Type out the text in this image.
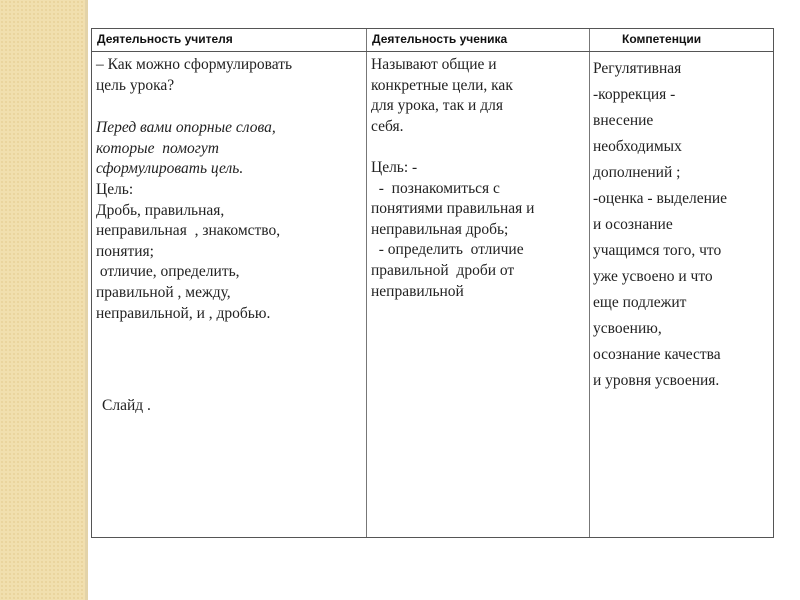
Деятельность учителя	Деятельность ученика	Компетенции
– Как можно сформулировать
цель урока?
Перед вами опорные слова,
которые  помогут
сформулировать цель.
Цель:
Дробь, правильная,
неправильная  , знакомство,
понятия;
отличие, определить,
правильной , между,
неправильной, и , дробью.
Слайд .
Называют общие и
конкретные цели, как
для урока, так и для
себя.
Цель: -
-  познакомиться с
понятиями правильная и
неправильная дробь;
- определить  отличие
правильной  дроби от
неправильной
Регулятивная
-коррекция -
внесение
необходимых
дополнений ;
-оценка - выделение
и осознание
учащимся того, что
уже усвоено и что
еще подлежит
усвоению,
осознание качества
и уровня усвоения.
